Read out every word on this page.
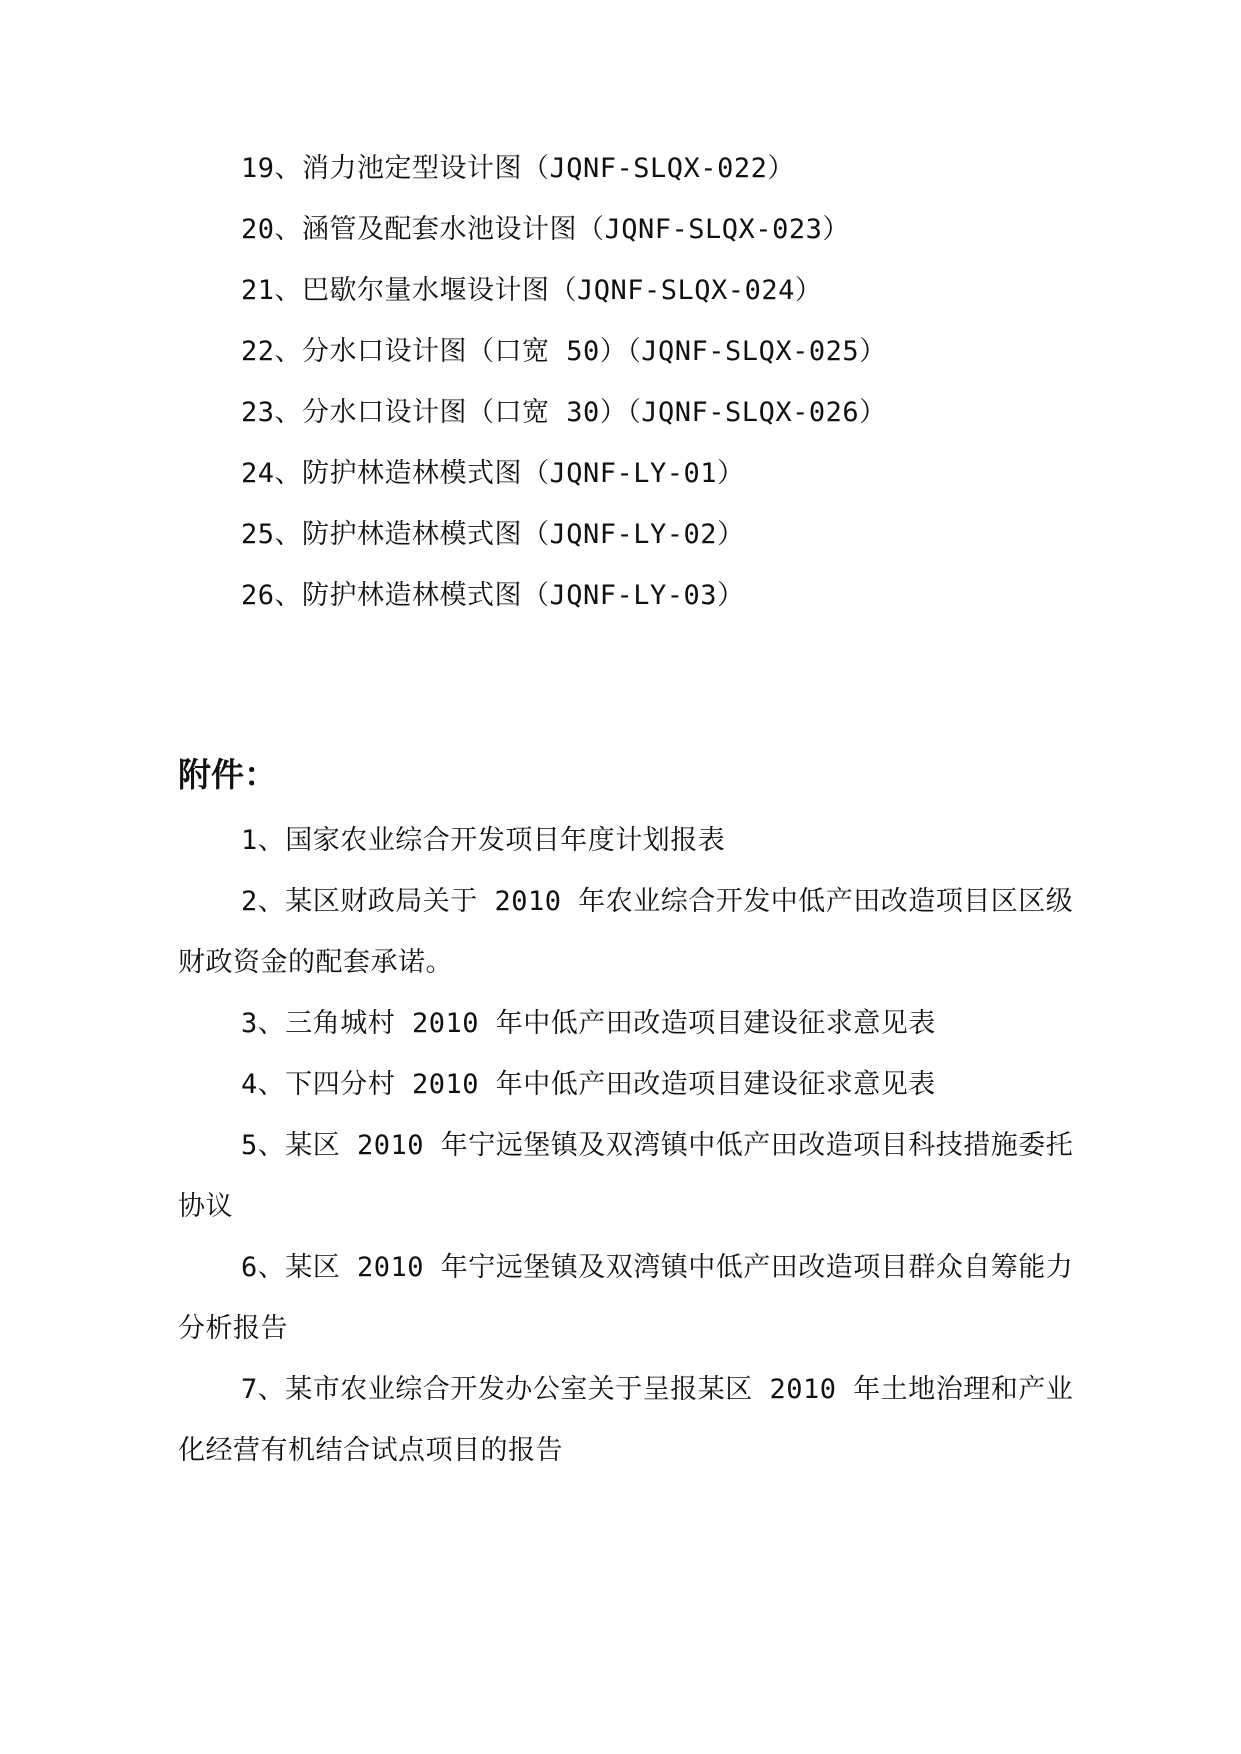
19、消力池定型设计图（JQNF-SLQX-022）
20、涵管及配套水池设计图（JQNF-SLQX-023）
21、巴歇尔量水堰设计图（JQNF-SLQX-024）
22、分水口设计图（口宽 50）（JQNF-SLQX-025）
23、分水口设计图（口宽 30）（JQNF-SLQX-026）
24、防护林造林模式图（JQNF-LY-01）
25、防护林造林模式图（JQNF-LY-02）
26、防护林造林模式图（JQNF-LY-03）
附件：

1、国家农业综合开发项目年度计划报表

2、某区财政局关于 2010 年农业综合开发中低产田改造项目区区级财政资金的配套承诺。

3、三角城村 2010 年中低产田改造项目建设征求意见表

4、下四分村 2010 年中低产田改造项目建设征求意见表

5、某区 2010 年宁远堡镇及双湾镇中低产田改造项目科技措施委托协议

6、某区 2010 年宁远堡镇及双湾镇中低产田改造项目群众自筹能力分析报告

7、某市农业综合开发办公室关于呈报某区 2010 年土地治理和产业化经营有机结合试点项目的报告
